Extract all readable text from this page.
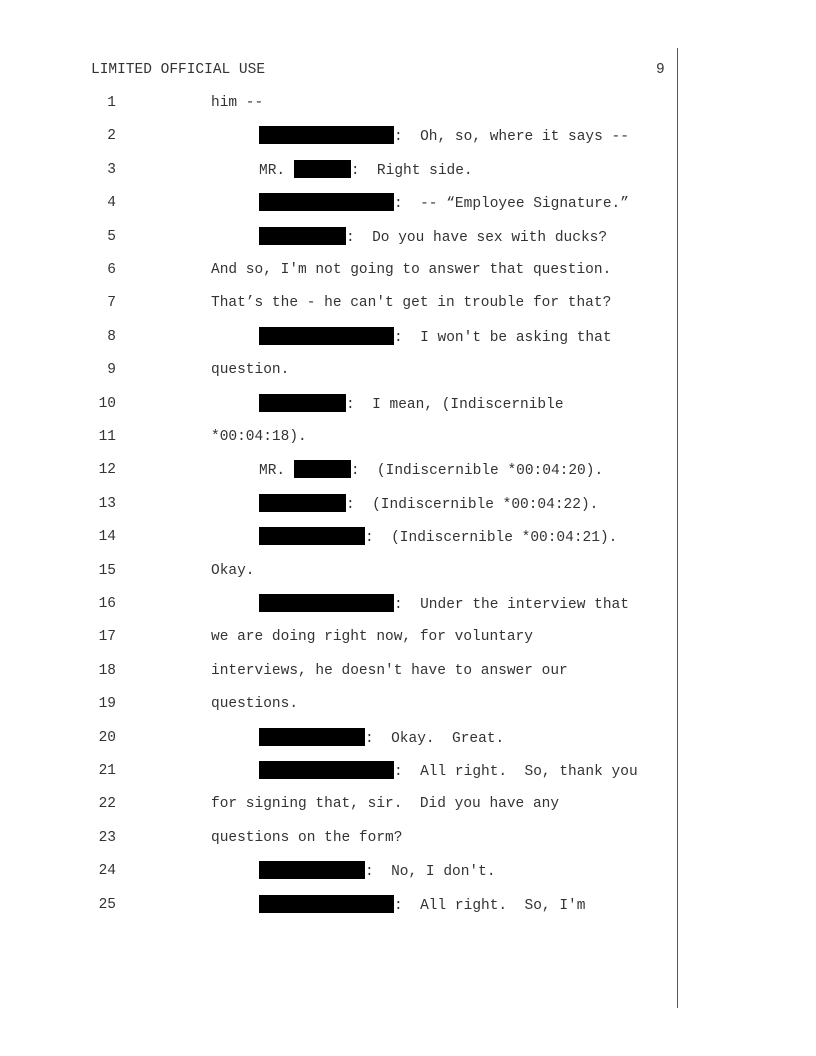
LIMITED OFFICIAL USE	9
1	him --
2	:  Oh, so, where it says --
3	MR.	:  Right side.
4	:  -- “Employee Signature.”
5	:  Do you have sex with ducks?
6	And so, I'm not going to answer that question.
7	That’s the - he can't get in trouble for that?
8	:  I won't be asking that
9	question.
10	:  I mean, (Indiscernible
11	*00:04:18).
12	MR.	:  (Indiscernible *00:04:20).
13	:  (Indiscernible *00:04:22).
14	:  (Indiscernible *00:04:21).
15	Okay.
16	:  Under the interview that
17	we are doing right now, for voluntary
18	interviews, he doesn't have to answer our
19	questions.
20	:  Okay.  Great.
21	:  All right.  So, thank you
22	for signing that, sir.  Did you have any
23	questions on the form?
24	:  No, I don't.
25	:  All right.  So, I'm
